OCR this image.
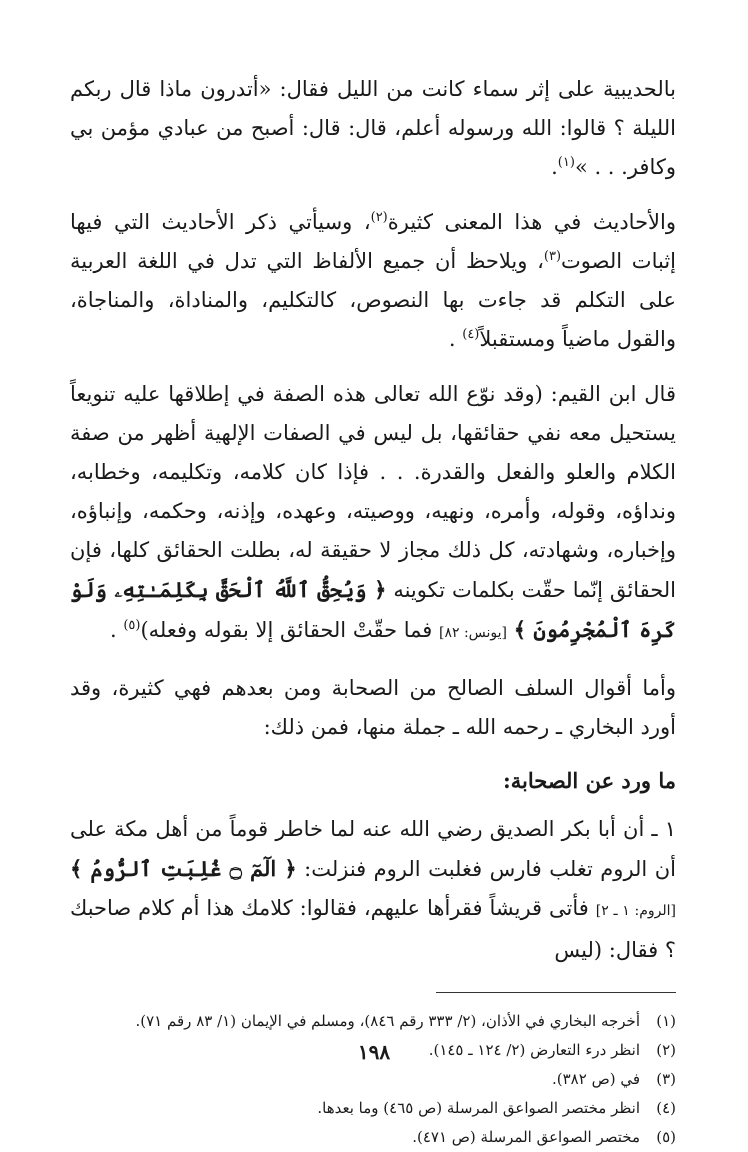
بالحديبية على إثر سماء كانت من الليل فقال: «أتدرون ماذا قال ربكم الليلة ؟ قالوا: الله ورسوله أعلم، قال: قال: أصبح من عبادي مؤمن بي وكافر. . . »$^{(١)}$.

والأحاديث في هذا المعنى كثيرة$^{(٢)}$، وسيأتي ذكر الأحاديث التي فيها إثبات الصوت$^{(٣)}$، ويلاحظ أن جميع الألفاظ التي تدل في اللغة العربية على التكلم قد جاءت بها النصوص، كالتكليم، والمناداة، والمناجاة، والقول ماضياً ومستقبلاً$^{(٤)}$ .

قال ابن القيم: (وقد نوّع الله تعالى هذه الصفة في إطلاقها عليه تنويعاً يستحيل معه نفي حقائقها، بل ليس في الصفات الإلهية أظهر من صفة الكلام والعلو والفعل والقدرة. . . فإذا كان كلامه، وتكليمه، وخطابه، ونداؤه، وقوله، وأمره، ونهيه، ووصيته، وعهده، وإذنه، وحكمه، وإنباؤه، وإخباره، وشهادته، كل ذلك مجاز لا حقيقة له، بطلت الحقائق كلها، فإن الحقائق إنّما حقّت بكلمات تكوينه ﴿ وَيُحِقُّ ٱللَّهُ ٱلْحَقَّ بِكَلِمَـٰتِهِۦ وَلَوْ كَرِهَ ٱلْمُجْرِمُونَ ﴾ [يونس: ٨٢] فما حقّتْ الحقائق إلا بقوله وفعله)$^{(٥)}$ .

وأما أقوال السلف الصالح من الصحابة ومن بعدهم فهي كثيرة، وقد أورد البخاري ـ رحمه الله ـ جملة منها، فمن ذلك:

ما ورد عن الصحابة:

١ ـ أن أبا بكر الصديق رضي الله عنه لما خاطر قوماً من أهل مكة على أن الروم تغلب فارس فغلبت الروم فنزلت: ﴿ الٓمٓ ۝ غُلِبَتِ ٱلرُّومُ ﴾ [الروم: ١ ـ ٢] فأتى قريشاً فقرأها عليهم، فقالوا: كلامك هذا أم كلام صاحبك ؟ فقال: (ليس

(١)
أخرجه البخاري في الأذان، (٢/ ٣٣٣ رقم ٨٤٦)، ومسلم في الإيمان (١/ ٨٣ رقم ٧١).

(٢)
انظر درء التعارض (٢/ ١٢٤ ـ ١٤٥).

(٣)
في (ص ٣٨٢).

(٤)
انظر مختصر الصواعق المرسلة (ص ٤٦٥) وما بعدها.

(٥)
مختصر الصواعق المرسلة (ص ٤٧١).

١٩٨
